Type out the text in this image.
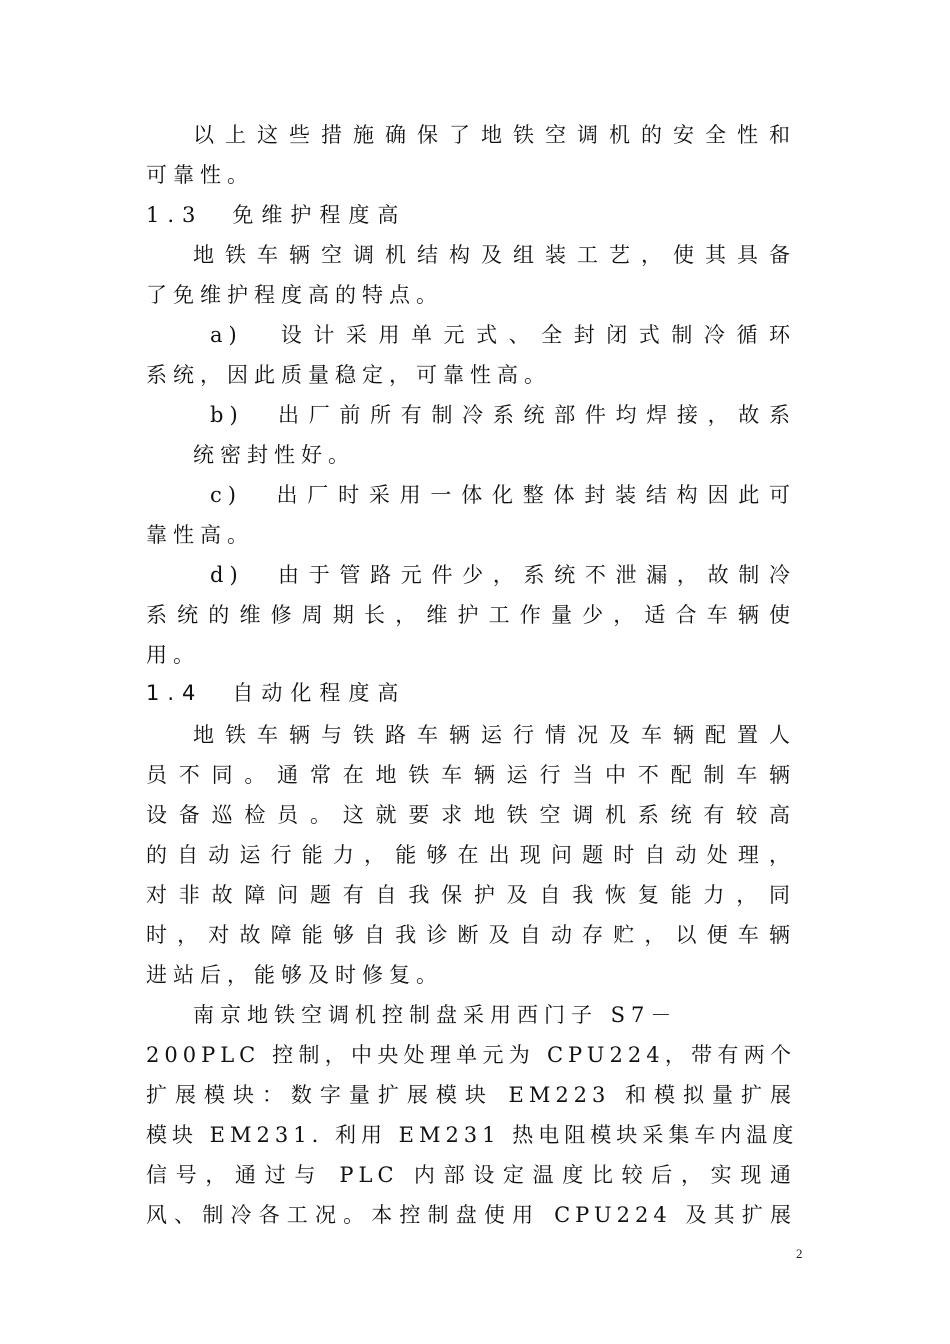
以上这些措施确保了地铁空调机的安全性和
可靠性。
1.3　免维护程度高
地铁车辆空调机结构及组装工艺，使其具备
了免维护程度高的特点。
a)　设计采用单元式、全封闭式制冷循环
系统，因此质量稳定，可靠性高。
b)　出厂前所有制冷系统部件均焊接，故系
统密封性好。
c)　出厂时采用一体化整体封装结构因此可
靠性高。
d)　由于管路元件少，系统不泄漏，故制冷
系统的维修周期长，维护工作量少，适合车辆使
用。
1.4　自动化程度高
地铁车辆与铁路车辆运行情况及车辆配置人
员不同。通常在地铁车辆运行当中不配制车辆
设备巡检员。这就要求地铁空调机系统有较高
的自动运行能力，能够在出现问题时自动处理，
对非故障问题有自我保护及自我恢复能力，同
时，对故障能够自我诊断及自动存贮，以便车辆
进站后，能够及时修复。
南京地铁空调机控制盘采用西门子 S7－
200PLC 控制，中央处理单元为 CPU224，带有两个
扩展模块：数字量扩展模块 EM223 和模拟量扩展
模块 EM231. 利用 EM231 热电阻模块采集车内温度
信号，通过与 PLC 内部设定温度比较后，实现通
风、制冷各工况。本控制盘使用 CPU224 及其扩展
2
